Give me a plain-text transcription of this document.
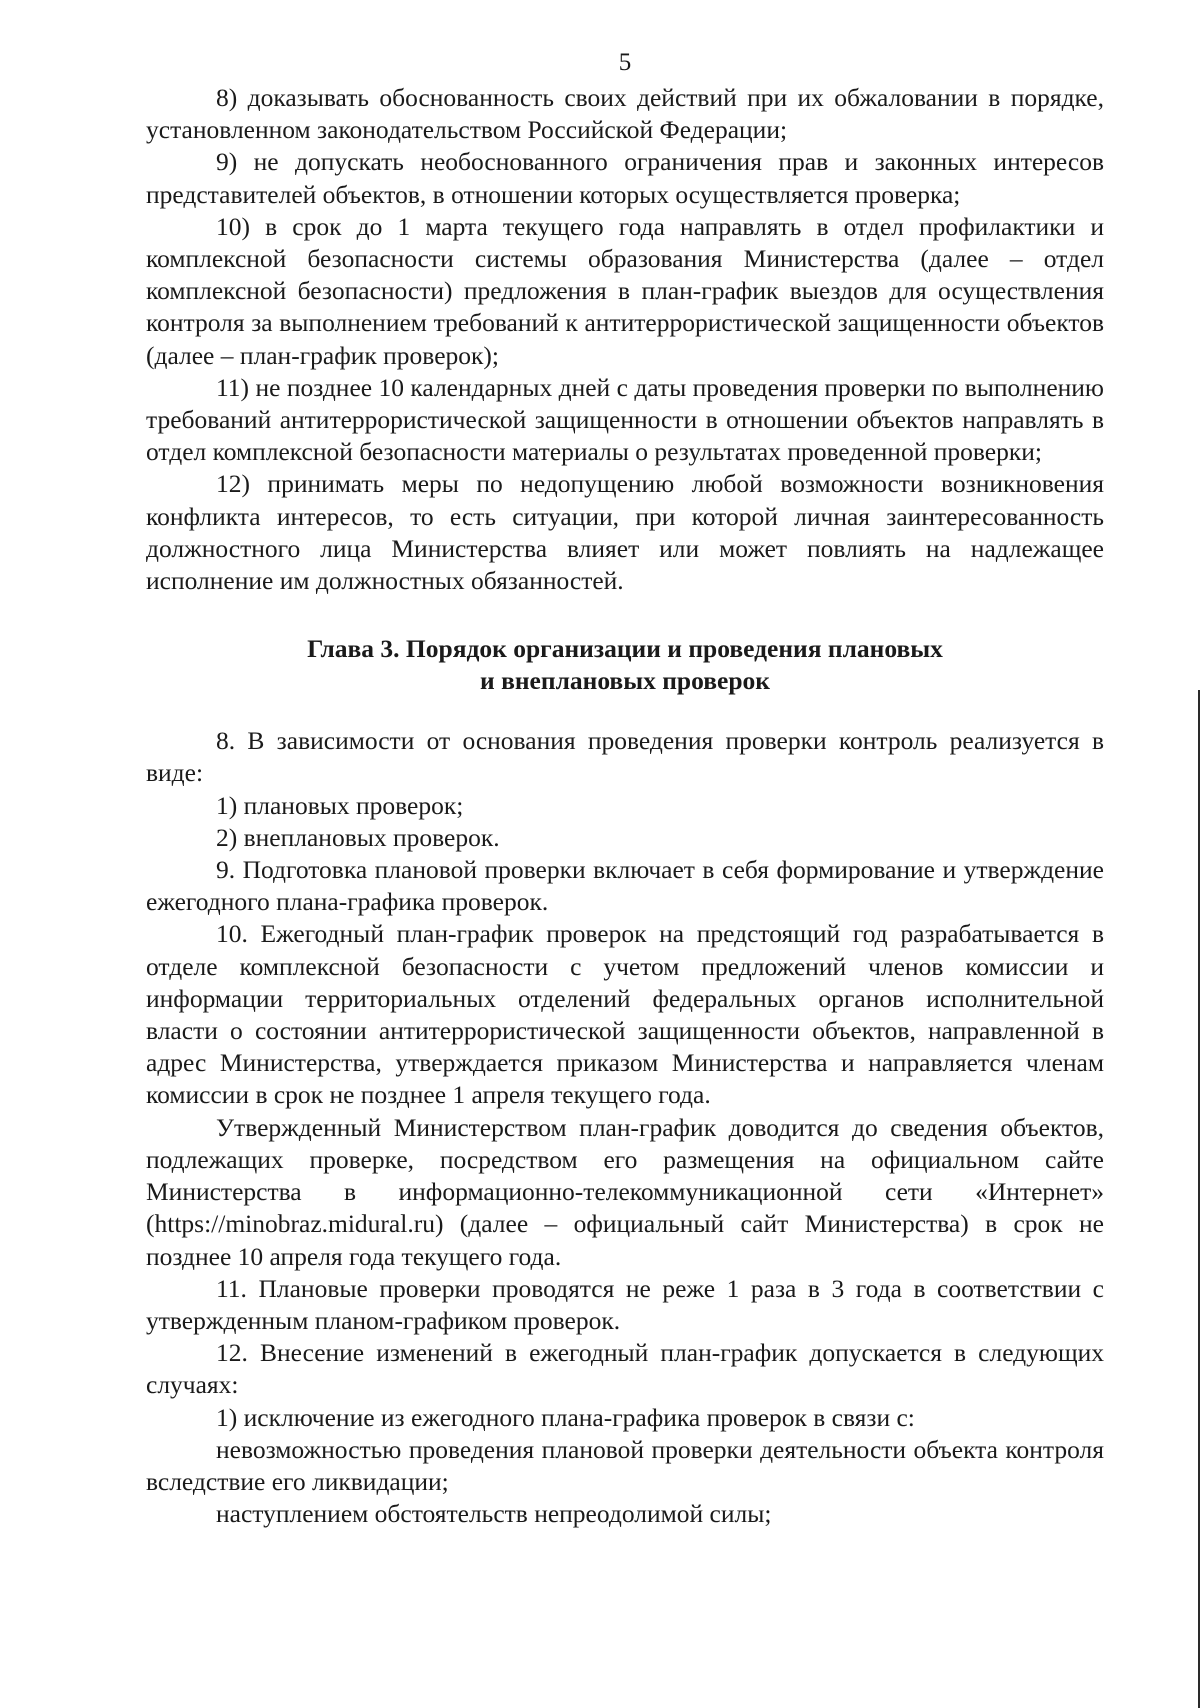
5

8) доказывать обоснованность своих действий при их обжаловании в порядке, установленном законодательством Российской Федерации;

9) не допускать необоснованного ограничения прав и законных интересов представителей объектов, в отношении которых осуществляется проверка;

10) в срок до 1 марта текущего года направлять в отдел профилактики и комплексной безопасности системы образования Министерства (далее – отдел комплексной безопасности) предложения в план-график выездов для осуществления контроля за выполнением требований к антитеррористической защищенности объектов (далее – план-график проверок);

11) не позднее 10 календарных дней с даты проведения проверки по выполнению требований антитеррористической защищенности в отношении объектов направлять в отдел комплексной безопасности материалы о результатах проведенной проверки;

12) принимать меры по недопущению любой возможности возникновения конфликта интересов, то есть ситуации, при которой личная заинтересованность должностного лица Министерства влияет или может повлиять на надлежащее исполнение им должностных обязанностей.

Глава 3. Порядок организации и проведения плановых
и внеплановых проверок

8. В зависимости от основания проведения проверки контроль реализуется в виде:

1) плановых проверок;

2) внеплановых проверок.

9. Подготовка плановой проверки включает в себя формирование и утверждение ежегодного плана-графика проверок.

10. Ежегодный план-график проверок на предстоящий год разрабатывается в отделе комплексной безопасности с учетом предложений членов комиссии и информации территориальных отделений федеральных органов исполнительной власти о состоянии антитеррористической защищенности объектов, направленной в адрес Министерства, утверждается приказом Министерства и направляется членам комиссии в срок не позднее 1 апреля текущего года.

Утвержденный Министерством план-график доводится до сведения объектов, подлежащих проверке, посредством его размещения на официальном сайте Министерства в информационно-телекоммуникационной сети «Интернет» (https://minobraz.midural.ru) (далее – официальный сайт Министерства) в срок не позднее 10 апреля года текущего года.

11. Плановые проверки проводятся не реже 1 раза в 3 года в соответствии с утвержденным планом-графиком проверок.

12. Внесение изменений в ежегодный план-график допускается в следующих случаях:

1) исключение из ежегодного плана-графика проверок в связи с:

невозможностью проведения плановой проверки деятельности объекта контроля вследствие его ликвидации;

наступлением обстоятельств непреодолимой силы;
